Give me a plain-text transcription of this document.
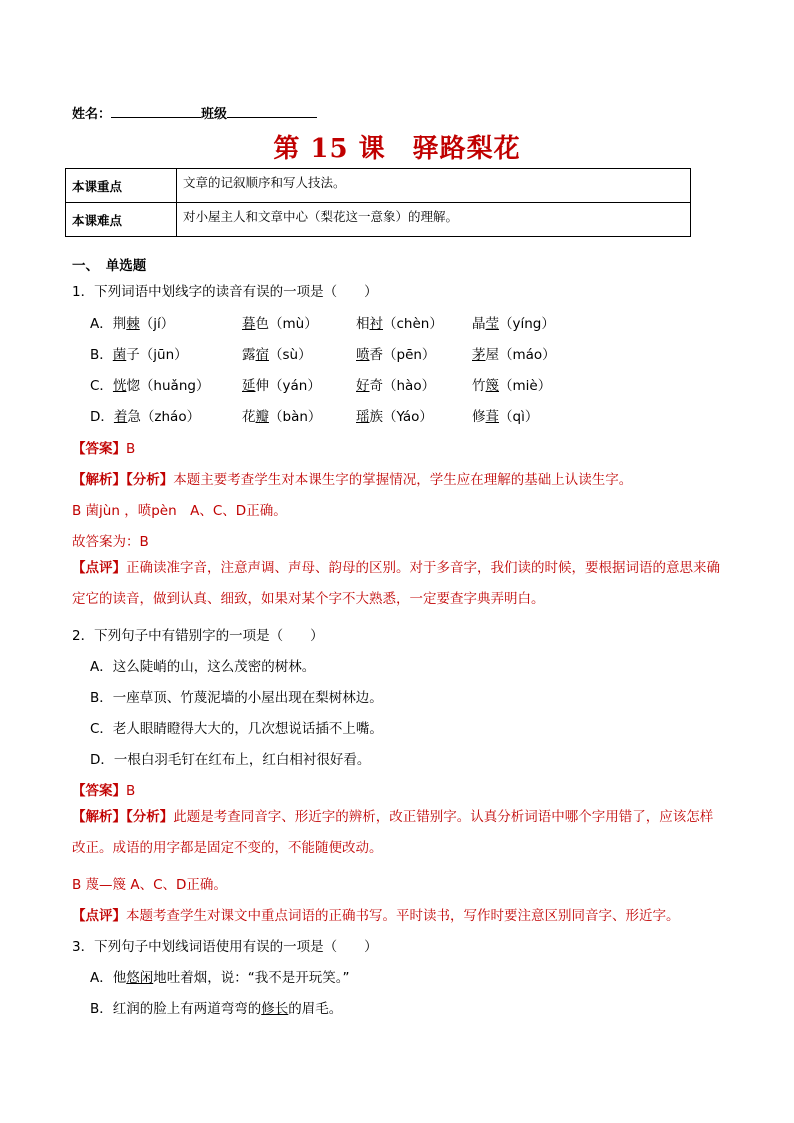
姓名：	班级
第 15 课　驿路梨花
本课重点	文章的记叙顺序和写人技法。
本课难点	对小屋主人和文章中心（梨花这一意象）的理解。
一、　单选题
1．下列词语中划线字的读音有误的一项是（　　）
A．荆棘（jí）	暮色（mù）	相衬（chèn） 晶莹（yíng）
B．菌子（jūn）	露宿（sù）	喷香（pēn）	茅屋（máo）
C．恍惚（huǎng） 延伸（yán）	好奇（hào）	竹篾（miè）
D．着急（zháo）	花瓣（bàn）	瑶族（Yáo）	修葺（qì）
【答案】B
【解析】【分析】本题主要考查学生对本课生字的掌握情况，学生应在理解的基础上认读生字。
B 菌jùn ，喷pèn　A、C、D正确。
故答案为：B
【点评】正确读准字音，注意声调、声母、韵母的区别。对于多音字，我们读的时候，要根据词语的意思来确定它的读音，做到认真、细致，如果对某个字不大熟悉，一定要查字典弄明白。
2．下列句子中有错别字的一项是（　　）
A．这么陡峭的山，这么茂密的树林。
B．一座草顶、竹蔑泥墙的小屋出现在梨树林边。
C．老人眼睛瞪得大大的，几次想说话插不上嘴。
D．一根白羽毛钉在红布上，红白相衬很好看。
【答案】B
【解析】【分析】此题是考查同音字、形近字的辨析，改正错别字。认真分析词语中哪个字用错了，应该怎样改正。成语的用字都是固定不变的，不能随便改动。
B 蔑—篾 A、C、D正确。
【点评】本题考查学生对课文中重点词语的正确书写。平时读书，写作时要注意区别同音字、形近字。
3．下列句子中划线词语使用有误的一项是（　　）
A．他悠闲地吐着烟，说：“我不是开玩笑。”
B．红润的脸上有两道弯弯的修长的眉毛。
